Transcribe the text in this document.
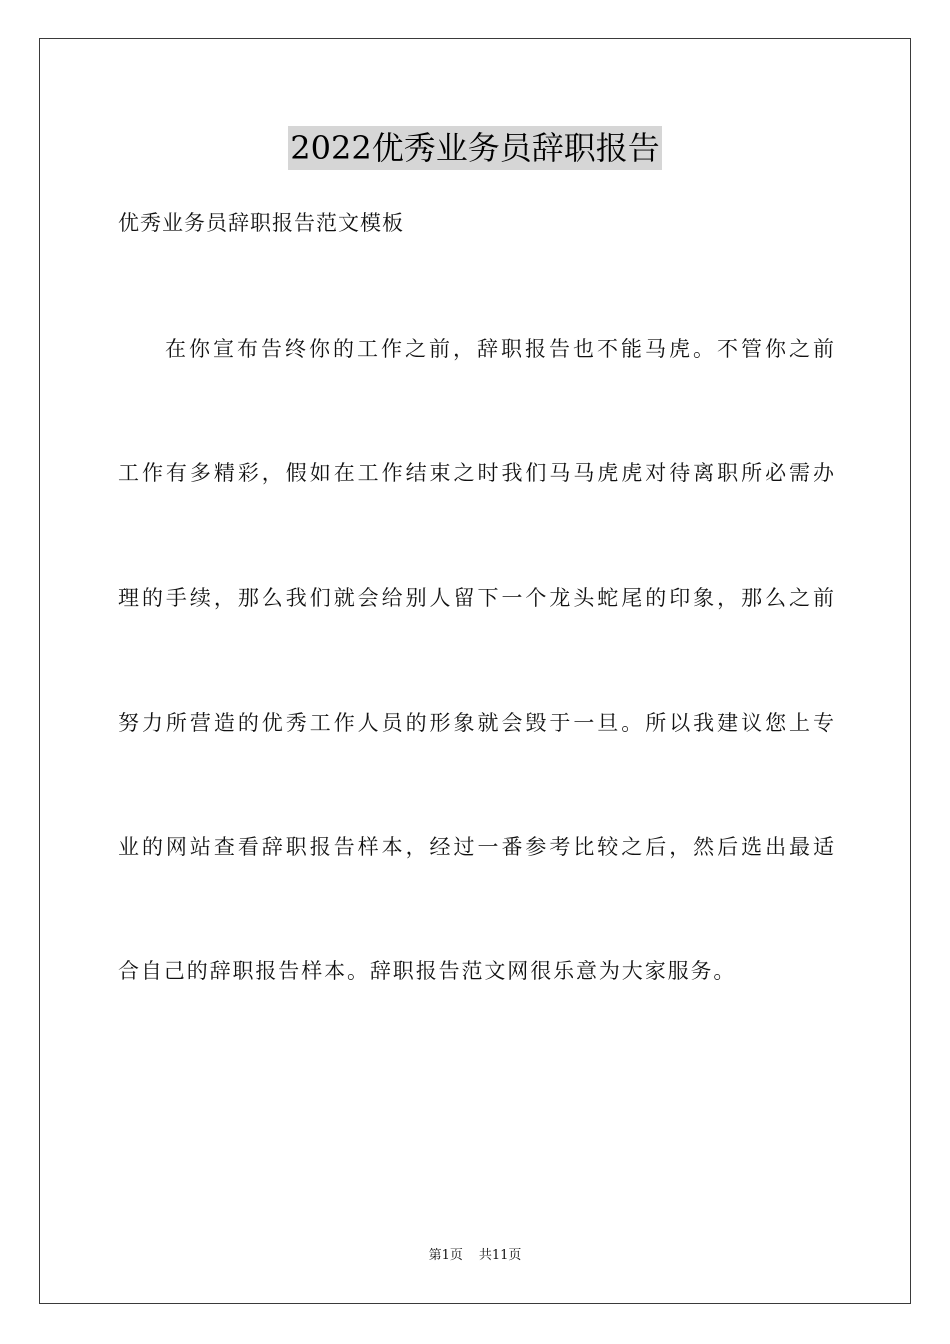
2022优秀业务员辞职报告
优秀业务员辞职报告范文模板
在你宣布告终你的工作之前，辞职报告也不能马虎。不管你之前
工作有多精彩，假如在工作结束之时我们马马虎虎对待离职所必需办
理的手续，那么我们就会给别人留下一个龙头蛇尾的印象，那么之前
努力所营造的优秀工作人员的形象就会毁于一旦。所以我建议您上专
业的网站查看辞职报告样本，经过一番参考比较之后，然后选出最适
合自己的辞职报告样本。辞职报告范文网很乐意为大家服务。
第1页 共11页
